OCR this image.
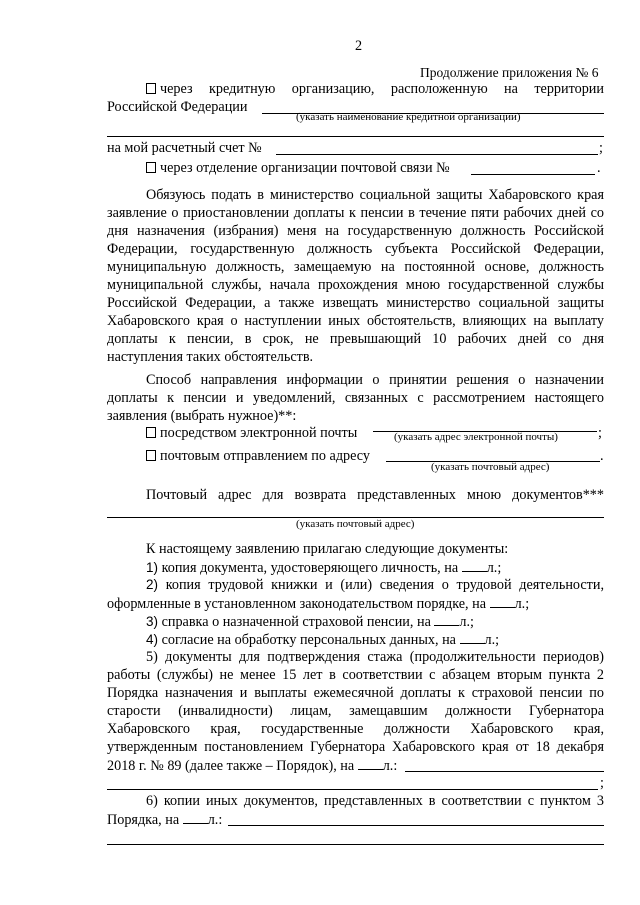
2
Продолжение приложения № 6
через кредитную организацию, расположенную на территории
Российской Федерации
(указать наименование кредитной организации)
на мой расчетный счет №	;
через отделение организации почтовой связи №	.
Обязуюсь подать в министерство социальной защиты Хабаровского края
заявление о приостановлении доплаты к пенсии в течение пяти рабочих дней со
дня назначения (избрания) меня на государственную должность Российской
Федерации, государственную должность субъекта Российской Федерации,
муниципальную должность, замещаемую на постоянной основе, должность
муниципальной службы, начала прохождения мною государственной службы
Российской Федерации, а также извещать министерство социальной защиты
Хабаровского края о наступлении иных обстоятельств, влияющих на выплату
доплаты к пенсии, в срок, не превышающий 10 рабочих дней со дня
наступления таких обстоятельств.
Способ направления информации о принятии решения о назначении
доплаты к пенсии и уведомлений, связанных с рассмотрением настоящего
заявления (выбрать нужное)**:
посредством электронной почты	;
(указать адрес электронной почты)
почтовым отправлением по адресу	.
(указать почтовый адрес)
Почтовый адрес для возврата представленных мною документов***
(указать почтовый адрес)
К настоящему заявлению прилагаю следующие документы:
1) копия документа, удостоверяющего личность, на л.;
2) копия трудовой книжки и (или) сведения о трудовой деятельности,
оформленные в установленном законодательством порядке, на л.;
3) справка о назначенной страховой пенсии, на л.;
4) согласие на обработку персональных данных, на л.;
5) документы для подтверждения стажа (продолжительности периодов)
работы (службы) не менее 15 лет в соответствии с абзацем вторым пункта 2
Порядка назначения и выплаты ежемесячной доплаты к страховой пенсии по
старости (инвалидности) лицам, замещавшим должности Губернатора
Хабаровского края, государственные должности Хабаровского края,
утвержденным постановлением Губернатора Хабаровского края от 18 декабря
2018 г. № 89 (далее также – Порядок), на л.:
;
6) копии иных документов, представленных в соответствии с пунктом 3
Порядка, на л.:
